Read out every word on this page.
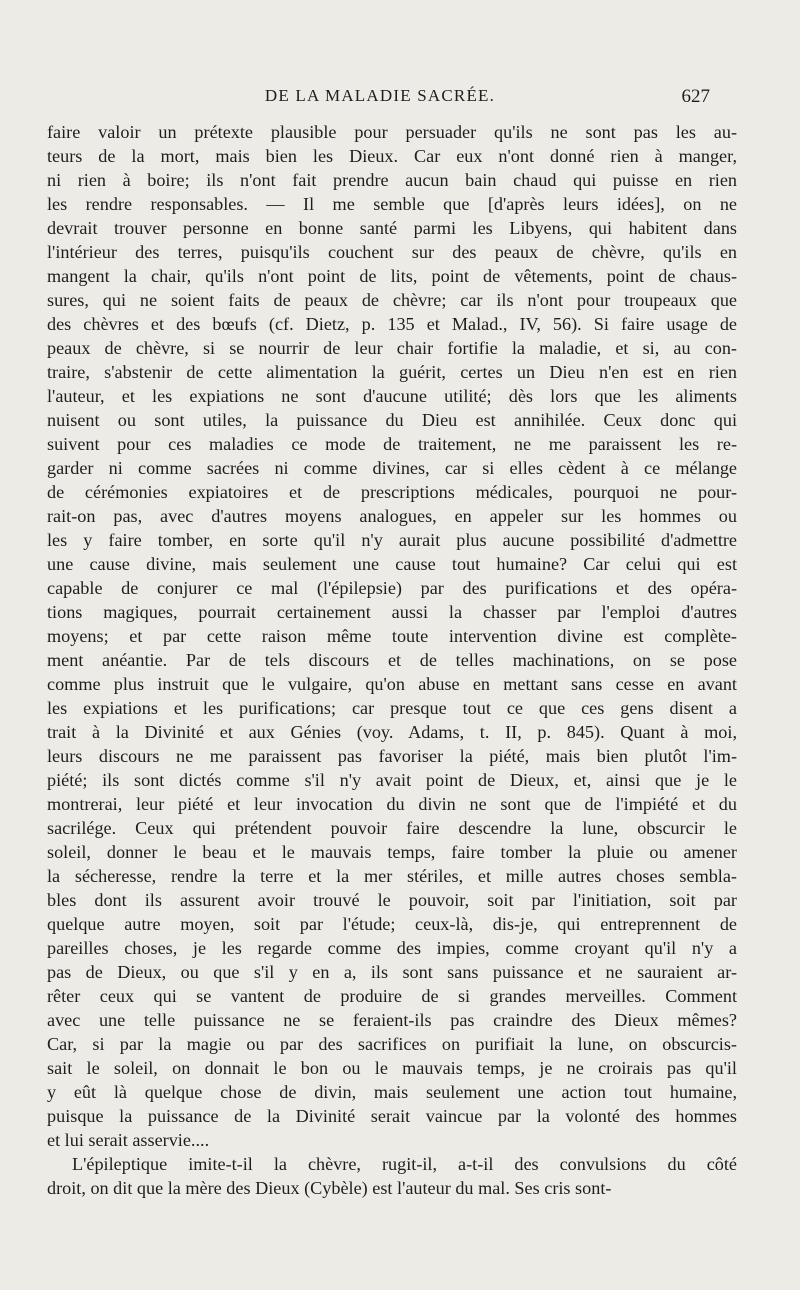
DE LA MALADIE SACRÉE.	627
faire valoir un prétexte plausible pour persuader qu'ils ne sont pas les au-
teurs de la mort, mais bien les Dieux. Car eux n'ont donné rien à manger,
ni rien à boire; ils n'ont fait prendre aucun bain chaud qui puisse en rien
les rendre responsables. — Il me semble que [d'après leurs idées], on ne
devrait trouver personne en bonne santé parmi les Libyens, qui habitent dans
l'intérieur des terres, puisqu'ils couchent sur des peaux de chèvre, qu'ils en
mangent la chair, qu'ils n'ont point de lits, point de vêtements, point de chaus-
sures, qui ne soient faits de peaux de chèvre; car ils n'ont pour troupeaux que
des chèvres et des bœufs (cf. Dietz, p. 135 et Malad., IV, 56). Si faire usage de
peaux de chèvre, si se nourrir de leur chair fortifie la maladie, et si, au con-
traire, s'abstenir de cette alimentation la guérit, certes un Dieu n'en est en rien
l'auteur, et les expiations ne sont d'aucune utilité; dès lors que les aliments
nuisent ou sont utiles, la puissance du Dieu est annihilée. Ceux donc qui
suivent pour ces maladies ce mode de traitement, ne me paraissent les re-
garder ni comme sacrées ni comme divines, car si elles cèdent à ce mélange
de cérémonies expiatoires et de prescriptions médicales, pourquoi ne pour-
rait-on pas, avec d'autres moyens analogues, en appeler sur les hommes ou
les y faire tomber, en sorte qu'il n'y aurait plus aucune possibilité d'admettre
une cause divine, mais seulement une cause tout humaine? Car celui qui est
capable de conjurer ce mal (l'épilepsie) par des purifications et des opéra-
tions magiques, pourrait certainement aussi la chasser par l'emploi d'autres
moyens; et par cette raison même toute intervention divine est complète-
ment anéantie. Par de tels discours et de telles machinations, on se pose
comme plus instruit que le vulgaire, qu'on abuse en mettant sans cesse en avant
les expiations et les purifications; car presque tout ce que ces gens disent a
trait à la Divinité et aux Génies (voy. Adams, t. II, p. 845). Quant à moi,
leurs discours ne me paraissent pas favoriser la piété, mais bien plutôt l'im-
piété; ils sont dictés comme s'il n'y avait point de Dieux, et, ainsi que je le
montrerai, leur piété et leur invocation du divin ne sont que de l'impiété et du
sacrilége. Ceux qui prétendent pouvoir faire descendre la lune, obscurcir le
soleil, donner le beau et le mauvais temps, faire tomber la pluie ou amener
la sécheresse, rendre la terre et la mer stériles, et mille autres choses sembla-
bles dont ils assurent avoir trouvé le pouvoir, soit par l'initiation, soit par
quelque autre moyen, soit par l'étude; ceux-là, dis-je, qui entreprennent de
pareilles choses, je les regarde comme des impies, comme croyant qu'il n'y a
pas de Dieux, ou que s'il y en a, ils sont sans puissance et ne sauraient ar-
rêter ceux qui se vantent de produire de si grandes merveilles. Comment
avec une telle puissance ne se feraient-ils pas craindre des Dieux mêmes?
Car, si par la magie ou par des sacrifices on purifiait la lune, on obscurcis-
sait le soleil, on donnait le bon ou le mauvais temps, je ne croirais pas qu'il
y eût là quelque chose de divin, mais seulement une action tout humaine,
puisque la puissance de la Divinité serait vaincue par la volonté des hommes
et lui serait asservie....
L'épileptique imite-t-il la chèvre, rugit-il, a-t-il des convulsions du côté
droit, on dit que la mère des Dieux (Cybèle) est l'auteur du mal. Ses cris sont-
